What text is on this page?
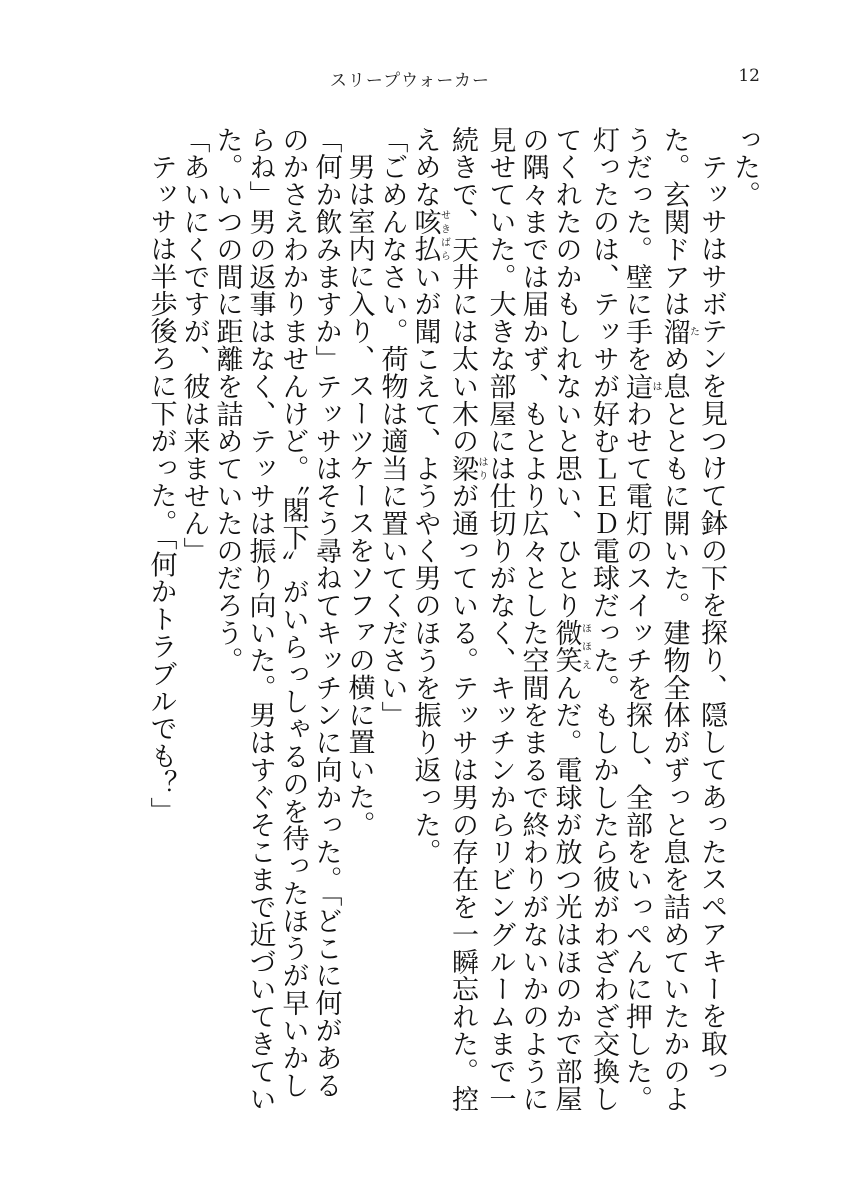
スリープウォーカー	12

った。

テッサはサボテンを見つけて鉢の下を探り、隠してあったスペアキーを取った。玄関ドアは溜ため息とともに開いた。建物全体がずっと息を詰めていたかのようだった。壁に手を這はわせて電灯のスイッチを探し、全部をいっぺんに押した。灯ったのは、テッサが好むＬＥＤ電球だった。もしかしたら彼がわざわざ交換してくれたのかもしれないと思い、ひとり微笑ほほえんだ。電球が放つ光はほのかで部屋の隅々までは届かず、もとより広々とした空間をまるで終わりがないかのように見せていた。大きな部屋には仕切りがなく、キッチンからリビングルームまで一続きで、天井には太い木の梁はりが通っている。テッサは男の存在を一瞬忘れた。控えめな咳払せきばらいが聞こえて、ようやく男のほうを振り返った。

「ごめんなさい。荷物は適当に置いてください」

男は室内に入り、スーツケースをソファの横に置いた。

「何か飲みますか」テッサはそう尋ねてキッチンに向かった。「どこに何があるのかさえわかりませんけど。〝閣下〟がいらっしゃるのを待ったほうが早いかしらね」男の返事はなく、テッサは振り向いた。男はすぐそこまで近づいてきていた。いつの間に距離を詰めていたのだろう。

「あいにくですが、彼は来ません」

テッサは半歩後ろに下がった。「何かトラブルでも？」
